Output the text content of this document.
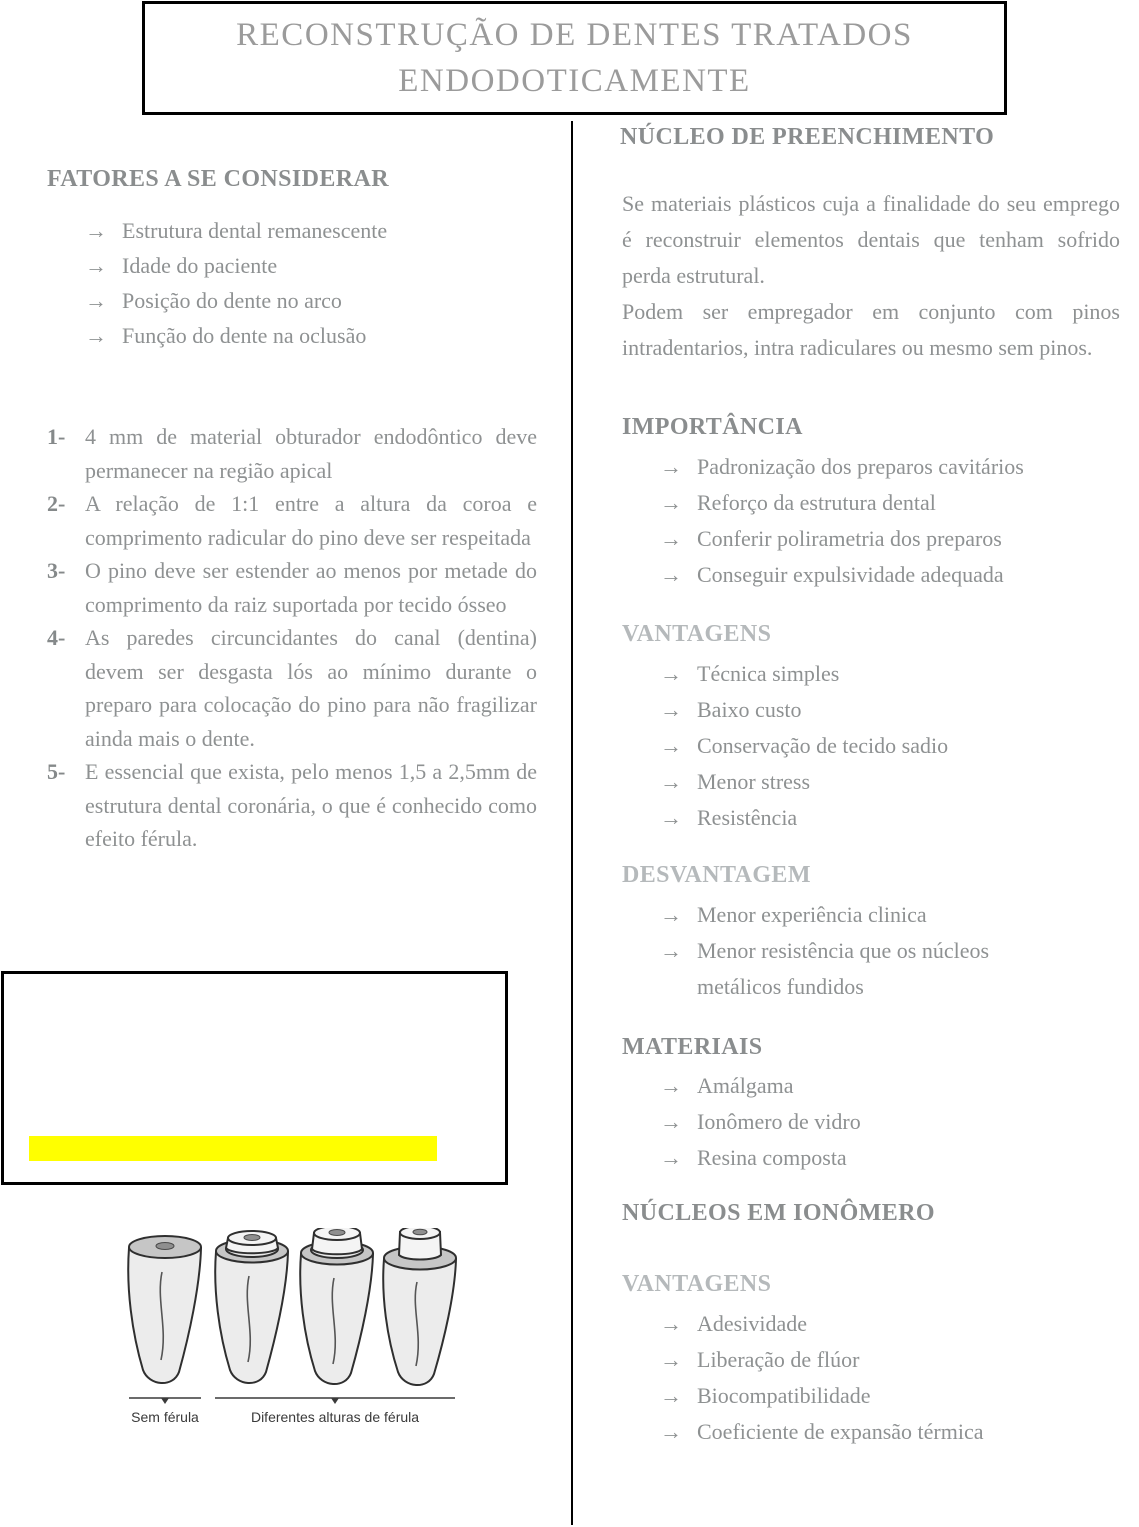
RECONSTRUÇÃO DE DENTES TRATADOS
ENDODOTICAMENTE
FATORES A SE CONSIDERAR
→ Estrutura dental remanescente
→ Idade do paciente
→ Posição do dente no arco
→ Função do dente na oclusão
1- 4 mm de material obturador endodôntico deve permanecer na região apical
2- A relação de 1:1 entre a altura da coroa e comprimento radicular do pino deve ser respeitada
3- O pino deve ser estender ao menos por metade do comprimento da raiz suportada por tecido ósseo
4- As paredes circuncidantes do canal (dentina) devem ser desgasta lós ao mínimo durante o preparo para colocação do pino para não fragilizar ainda mais o dente.
5- E essencial que exista, pelo menos 1,5 a 2,5mm de estrutura dental coronária, o que é conhecido como efeito férula.
Sem férula	Diferentes alturas de férula
NÚCLEO DE PREENCHIMENTO

Se materiais plásticos cuja a finalidade do seu emprego é reconstruir elementos dentais que tenham sofrido perda estrutural.

Podem ser empregador em conjunto com pinos intradentarios, intra radiculares ou mesmo sem pinos.

IMPORTÂNCIA
→ Padronização dos preparos cavitários
→ Reforço da estrutura dental
→ Conferir polirametria dos preparos
→ Conseguir expulsividade adequada
VANTAGENS
→ Técnica simples
→ Baixo custo
→ Conservação de tecido sadio
→ Menor stress
→ Resistência
DESVANTAGEM
→ Menor experiência clinica
→ Menor resistência que os núcleos metálicos fundidos
MATERIAIS
→ Amálgama
→ Ionômero de vidro
→ Resina composta
NÚCLEOS EM IONÔMERO
VANTAGENS
→ Adesividade
→ Liberação de flúor
→ Biocompatibilidade
→ Coeficiente de expansão térmica
